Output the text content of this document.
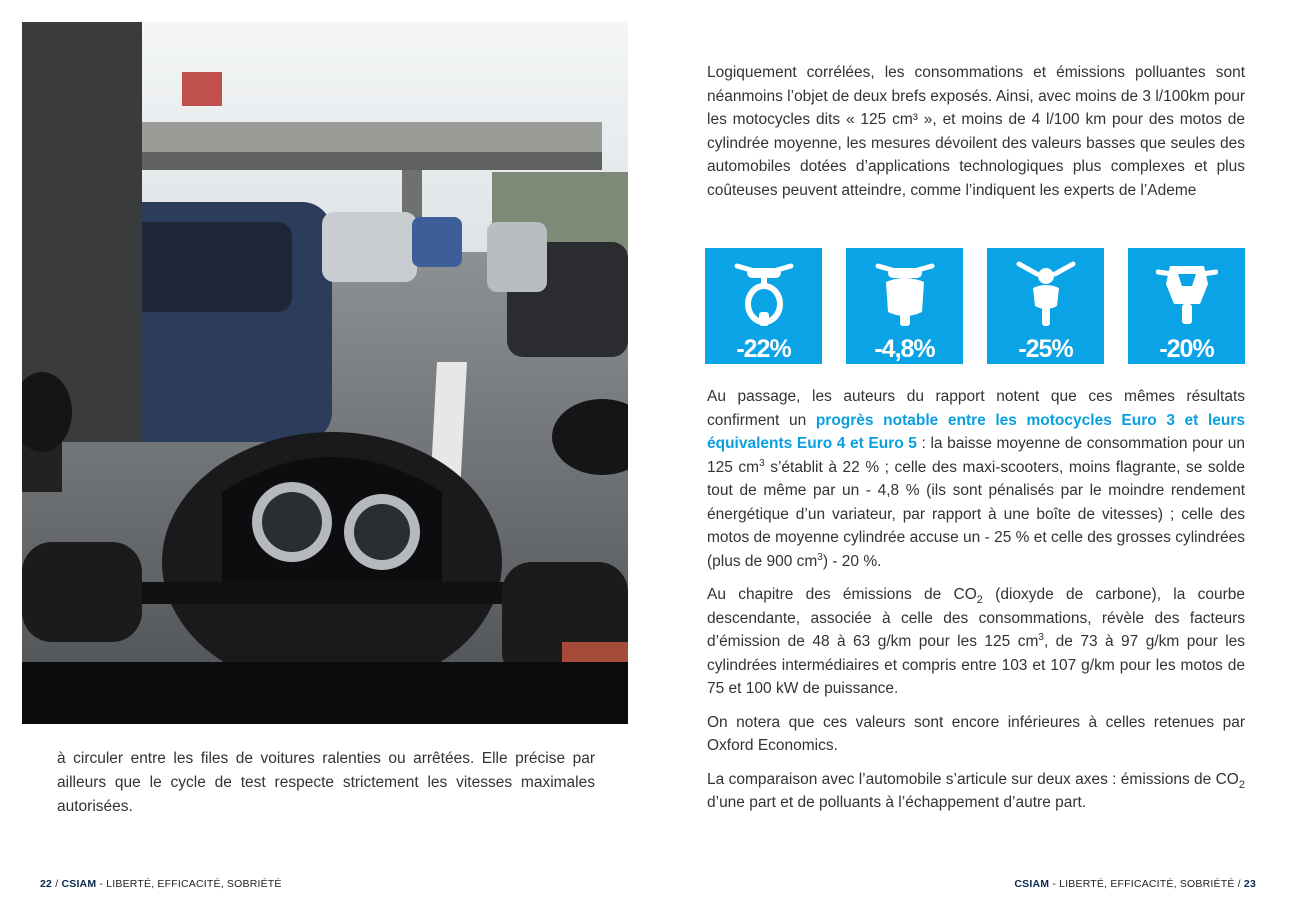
à circuler entre les files de voitures ralenties ou arrêtées. Elle précise par ailleurs que le cycle de test respecte strictement les vitesses maximales autorisées.

Logiquement corrélées, les consommations et émissions polluantes sont néanmoins l’objet de deux brefs exposés. Ainsi, avec moins de 3 l/100km pour les motocycles dits « 125 cm³ », et moins de 4 l/100 km pour des motos de cylindrée moyenne, les mesures dévoilent des valeurs basses que seules des automobiles dotées d’applications technologiques plus complexes et plus coûteuses peuvent atteindre, comme l’indiquent les experts de l’Ademe

-22%	-4,8%	-25%	-20%

Au passage, les auteurs du rapport notent que ces mêmes résultats confirment un progrès notable entre les motocycles Euro 3 et leurs équivalents Euro 4 et Euro 5 : la baisse moyenne de consommation pour un 125 $cm^3$ s’établit à 22 % ; celle des maxi-scooters, moins flagrante, se solde tout de même par un - 4,8 % (ils sont pénalisés par le moindre rendement énergétique d’un variateur, par rapport à une boîte de vitesses) ; celle des motos de moyenne cylindrée accuse un - 25 % et celle des grosses cylindrées (plus de 900 $cm^3) - 20$ %.

Au chapitre des émissions de $CO_2$ (dioxyde de carbone), la courbe descendante, associée à celle des consommations, révèle des facteurs d’émission de 48 à 63 g/km pour les 125 $cm^3$, de 73 à 97 g/km pour les cylindrées intermédiaires et compris entre 103 et 107 g/km pour les motos de 75 et 100 kW de puissance.

On notera que ces valeurs sont encore inférieures à celles retenues par Oxford Economics.

La comparaison avec l’automobile s’articule sur deux axes : émissions de $CO_2$ d’une part et de polluants à l’échappement d’autre part.

22 / CSIAM - LIBERTÉ, EFFICACITÉ, SOBRIÉTÉ	CSIAM - LIBERTÉ, EFFICACITÉ, SOBRIÉTÉ / 23
